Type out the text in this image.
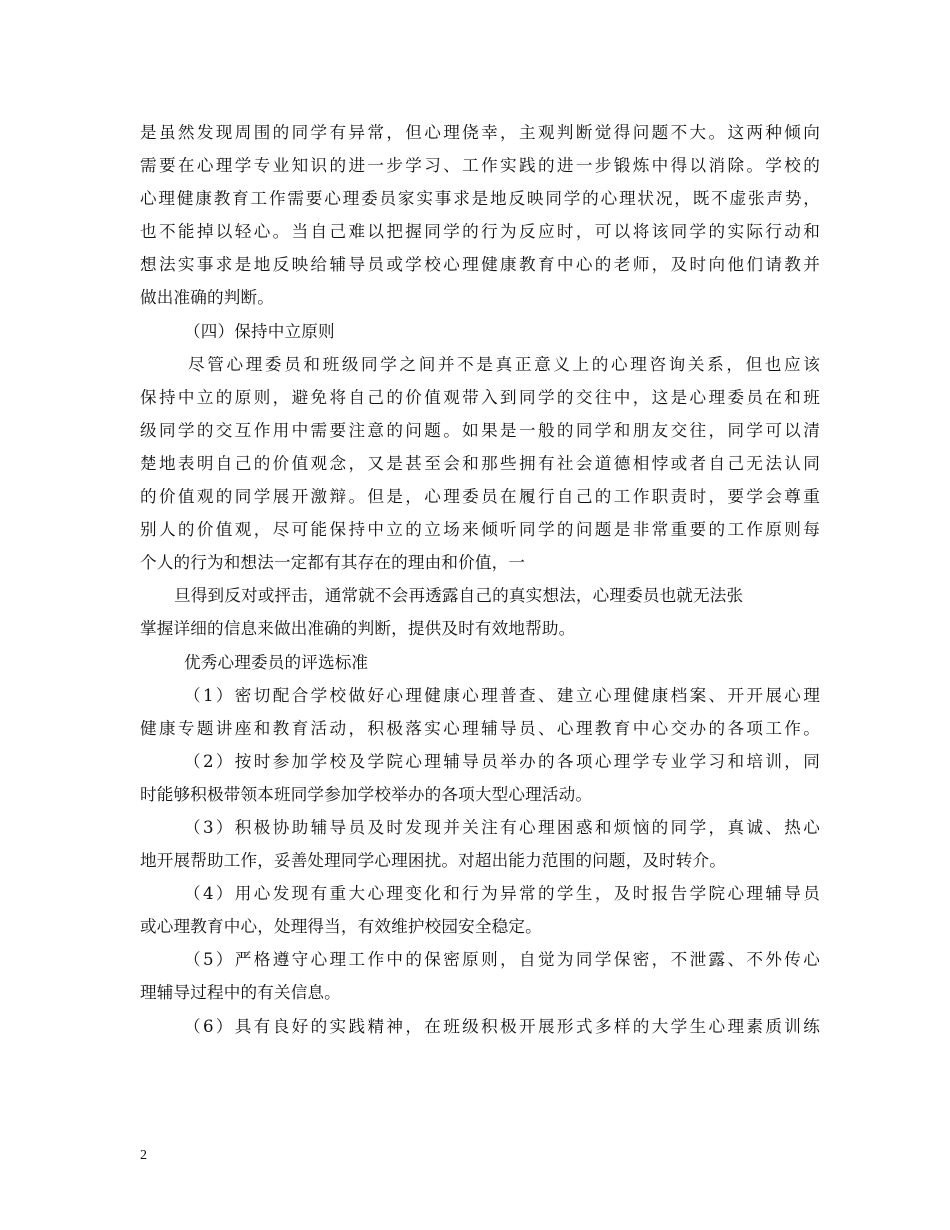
是虽然发现周围的同学有异常，但心理侥幸，主观判断觉得问题不大。这两种倾向
需要在心理学专业知识的进一步学习、工作实践的进一步锻炼中得以消除。学校的
心理健康教育工作需要心理委员家实事求是地反映同学的心理状况，既不虚张声势，
也不能掉以轻心。当自己难以把握同学的行为反应时，可以将该同学的实际行动和
想法实事求是地反映给辅导员或学校心理健康教育中心的老师，及时向他们请教并
做出准确的判断。
（四）保持中立原则
尽管心理委员和班级同学之间并不是真正意义上的心理咨询关系，但也应该
保持中立的原则，避免将自己的价值观带入到同学的交往中，这是心理委员在和班
级同学的交互作用中需要注意的问题。如果是一般的同学和朋友交往，同学可以清
楚地表明自己的价值观念，又是甚至会和那些拥有社会道德相悖或者自己无法认同
的价值观的同学展开激辩。但是，心理委员在履行自己的工作职责时，要学会尊重
别人的价值观，尽可能保持中立的立场来倾听同学的问题是非常重要的工作原则每
个人的行为和想法一定都有其存在的理由和价值，一
旦得到反对或抨击，通常就不会再透露自己的真实想法，心理委员也就无法张
掌握详细的信息来做出准确的判断，提供及时有效地帮助。
优秀心理委员的评选标准
（1）密切配合学校做好心理健康心理普查、建立心理健康档案、开开展心理
健康专题讲座和教育活动，积极落实心理辅导员、心理教育中心交办的各项工作。
（2）按时参加学校及学院心理辅导员举办的各项心理学专业学习和培训，同
时能够积极带领本班同学参加学校举办的各项大型心理活动。
（3）积极协助辅导员及时发现并关注有心理困惑和烦恼的同学，真诚、热心
地开展帮助工作，妥善处理同学心理困扰。对超出能力范围的问题，及时转介。
（4）用心发现有重大心理变化和行为异常的学生，及时报告学院心理辅导员
或心理教育中心，处理得当，有效维护校园安全稳定。
（5）严格遵守心理工作中的保密原则，自觉为同学保密，不泄露、不外传心
理辅导过程中的有关信息。
（6）具有良好的实践精神，在班级积极开展形式多样的大学生心理素质训练
2
